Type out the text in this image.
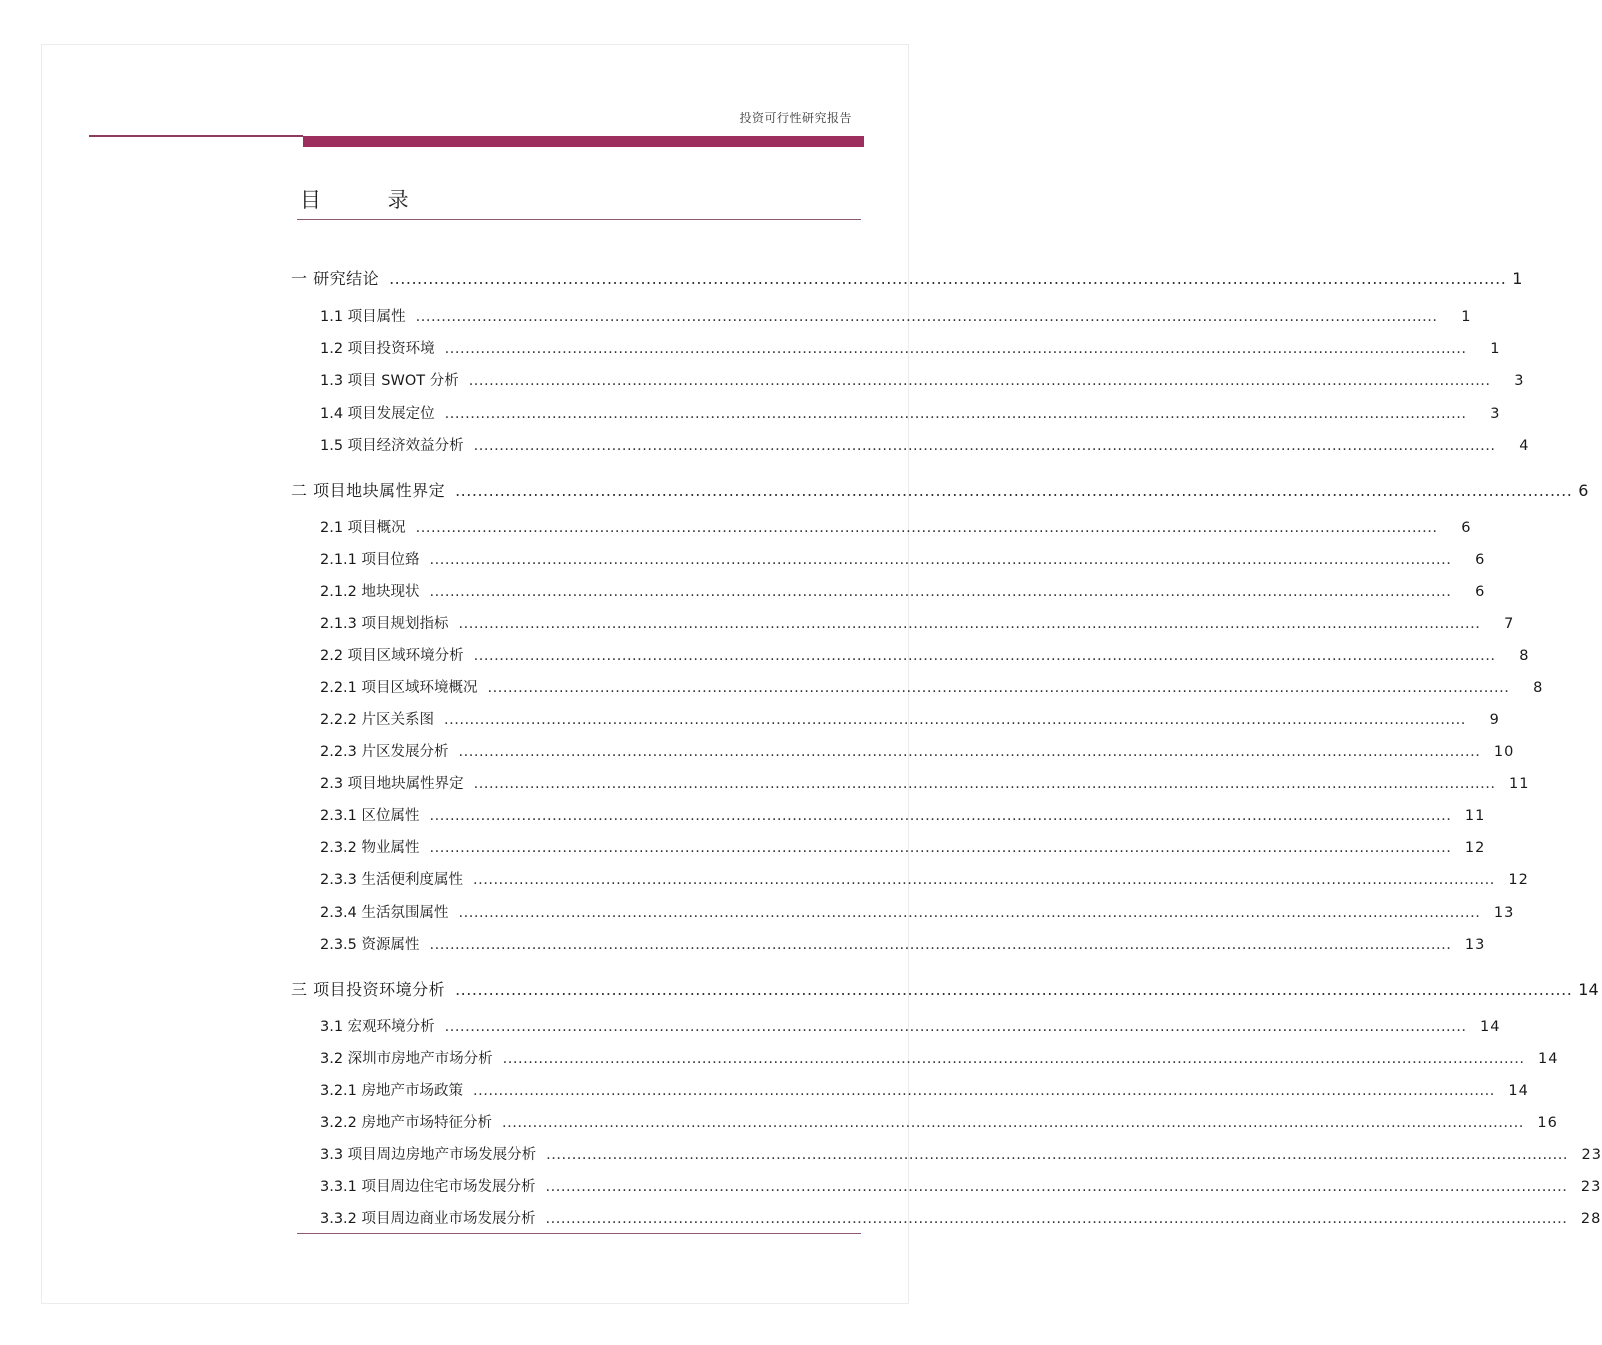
投资可行性研究报告
目 录
一 研究结论 ........................................................................................................................................................................................................ 1
1.1 项目属性 ........................................................................................................................................................................................................	1
1.2 项目投资环境 ........................................................................................................................................................................................................	1
1.3 项目 SWOT 分析 ........................................................................................................................................................................................................	3
1.4 项目发展定位 ........................................................................................................................................................................................................	3
1.5 项目经济效益分析 ........................................................................................................................................................................................................	4
二 项目地块属性界定 ........................................................................................................................................................................................................ 6
2.1 项目概况 ........................................................................................................................................................................................................	6
2.1.1 项目位臵 ........................................................................................................................................................................................................	6
2.1.2 地块现状 ........................................................................................................................................................................................................	6
2.1.3 项目规划指标 ........................................................................................................................................................................................................	7
2.2 项目区域环境分析 ........................................................................................................................................................................................................	8
2.2.1 项目区域环境概况 ........................................................................................................................................................................................................	8
2.2.2 片区关系图 ........................................................................................................................................................................................................	9
2.2.3 片区发展分析 ........................................................................................................................................................................................................ 10
2.3 项目地块属性界定 ........................................................................................................................................................................................................ 11
2.3.1 区位属性 ........................................................................................................................................................................................................ 11
2.3.2 物业属性 ........................................................................................................................................................................................................ 12
2.3.3 生活便利度属性 ........................................................................................................................................................................................................ 12
2.3.4 生活氛围属性 ........................................................................................................................................................................................................ 13
2.3.5 资源属性 ........................................................................................................................................................................................................ 13
三 项目投资环境分析 ........................................................................................................................................................................................................ 14
3.1 宏观环境分析 ........................................................................................................................................................................................................ 14
3.2 深圳市房地产市场分析 ........................................................................................................................................................................................................ 14
3.2.1 房地产市场政策 ........................................................................................................................................................................................................ 14
3.2.2 房地产市场特征分析 ........................................................................................................................................................................................................ 16
3.3 项目周边房地产市场发展分析 ........................................................................................................................................................................................................ 23
3.3.1 项目周边住宅市场发展分析 ........................................................................................................................................................................................................ 23
3.3.2 项目周边商业市场发展分析 ........................................................................................................................................................................................................ 28
